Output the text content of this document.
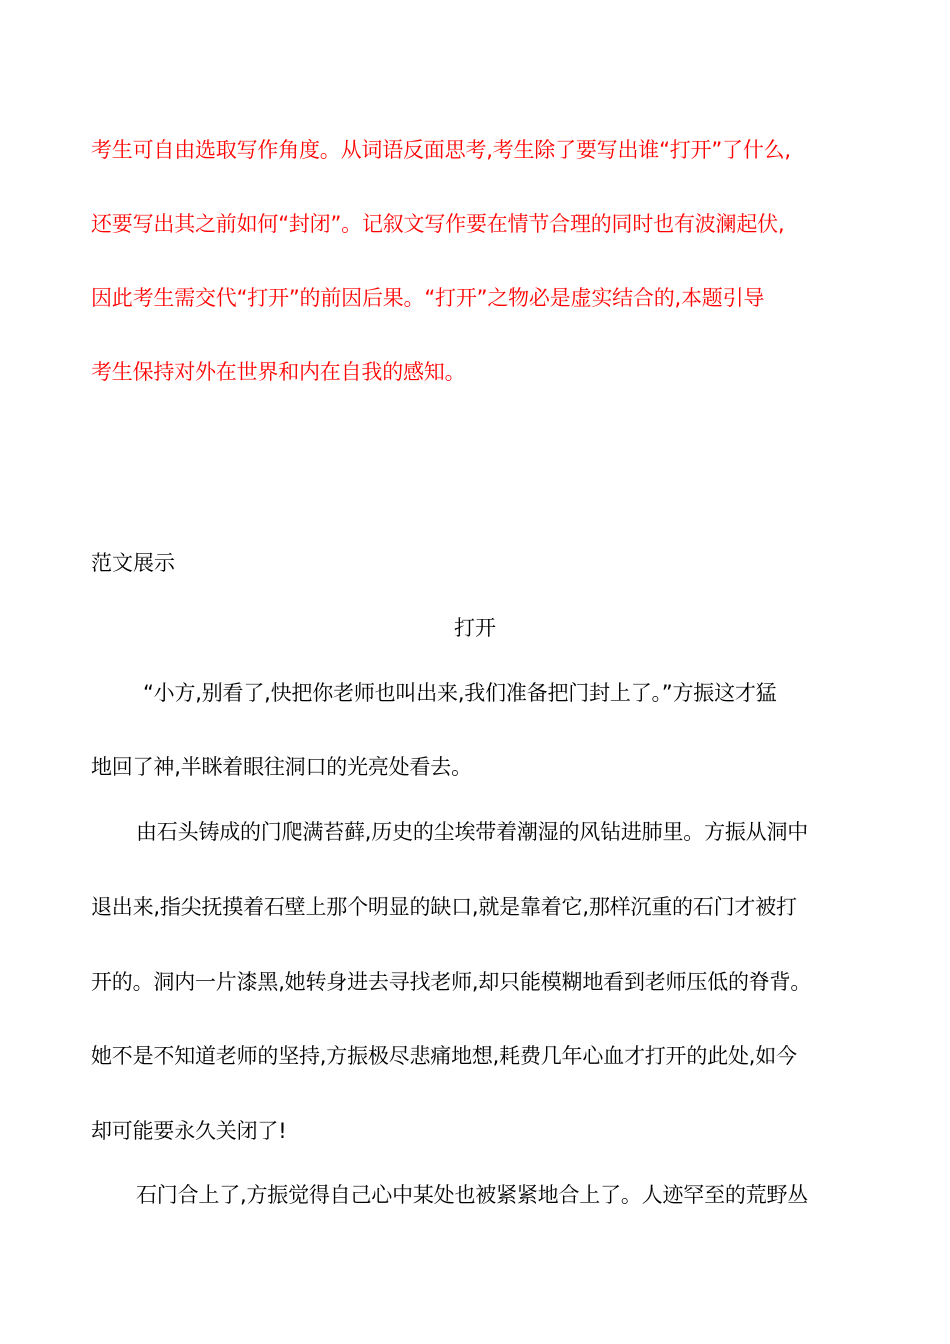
考生可自由选取写作角度。从词语反面思考,考生除了要写出谁“打开”了什么,
还要写出其之前如何“封闭”。记叙文写作要在情节合理的同时也有波澜起伏,
因此考生需交代“打开”的前因后果。“打开”之物必是虚实结合的,本题引导
考生保持对外在世界和内在自我的感知。
范文展示
打开
“小方,别看了,快把你老师也叫出来,我们准备把门封上了。”方振这才猛
地回了神,半眯着眼往洞口的光亮处看去。
由石头铸成的门爬满苔藓,历史的尘埃带着潮湿的风钻进肺里。方振从洞中
退出来,指尖抚摸着石壁上那个明显的缺口,就是靠着它,那样沉重的石门才被打
开的。洞内一片漆黑,她转身进去寻找老师,却只能模糊地看到老师压低的脊背。
她不是不知道老师的坚持,方振极尽悲痛地想,耗费几年心血才打开的此处,如今
却可能要永久关闭了!
石门合上了,方振觉得自己心中某处也被紧紧地合上了。人迹罕至的荒野丛
